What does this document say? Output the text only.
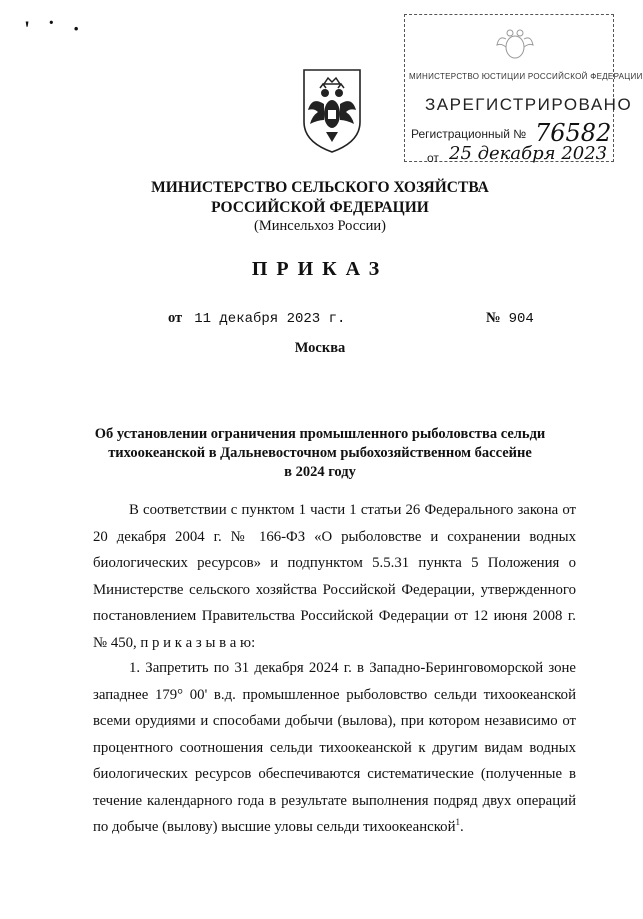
' ˙ ·
МИНИСТЕРСТВО ЮСТИЦИИ РОССИЙСКОЙ ФЕДЕРАЦИИ
ЗАРЕГИСТРИРОВАНО
Регистрационный № 76582
от 25 декабря 2023
МИНИСТЕРСТВО СЕЛЬСКОГО ХОЗЯЙСТВА
РОССИЙСКОЙ ФЕДЕРАЦИИ
(Минсельхоз России)
ПРИКАЗ
от 11 декабря 2023 г.	№ 904
Москва
Об установлении ограничения промышленного рыболовства сельди
тихоокеанской в Дальневосточном рыбохозяйственном бассейне
в 2024 году
В соответствии с пунктом 1 части 1 статьи 26 Федерального закона от 20 декабря 2004 г. № 166-ФЗ «О рыболовстве и сохранении водных биологических ресурсов» и подпунктом 5.5.31 пункта 5 Положения о Министерстве сельского хозяйства Российской Федерации, утвержденного постановлением Правительства Российской Федерации от 12 июня 2008 г. № 450, п р и к а з ы в а ю:
1. Запретить по 31 декабря 2024 г. в Западно-Беринговоморской зоне западнее 179° 00' в.д. промышленное рыболовство сельди тихоокеанской всеми орудиями и способами добычи (вылова), при котором независимо от процентного соотношения сельди тихоокеанской к другим видам водных биологических ресурсов обеспечиваются систематические (полученные в течение календарного года в результате выполнения подряд двух операций по добыче (вылову) высшие уловы сельди тихоокеанской$^1$.
